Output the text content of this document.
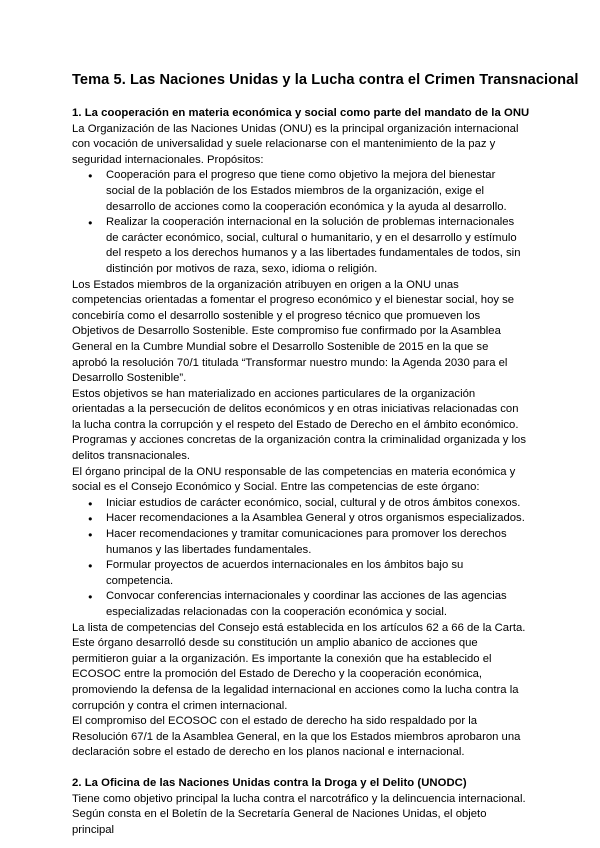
Tema 5. Las Naciones Unidas y la Lucha contra el Crimen Transnacional
1. La cooperación en materia económica y social como parte del mandato de la ONU

La Organización de las Naciones Unidas (ONU) es la principal organización internacional con vocación de universalidad y suele relacionarse con el mantenimiento de la paz y seguridad internacionales. Propósitos:

● Cooperación para el progreso que tiene como objetivo la mejora del bienestar social de la población de los Estados miembros de la organización, exige el desarrollo de acciones como la cooperación económica y la ayuda al desarrollo.
● Realizar la cooperación internacional en la solución de problemas internacionales de carácter económico, social, cultural o humanitario, y en el desarrollo y estímulo del respeto a los derechos humanos y a las libertades fundamentales de todos, sin distinción por motivos de raza, sexo, idioma o religión.

Los Estados miembros de la organización atribuyen en origen a la ONU unas competencias orientadas a fomentar el progreso económico y el bienestar social, hoy se concebiría como el desarrollo sostenible y el progreso técnico que promueven los Objetivos de Desarrollo Sostenible. Este compromiso fue confirmado por la Asamblea General en la Cumbre Mundial sobre el Desarrollo Sostenible de 2015 en la que se aprobó la resolución 70/1 titulada “Transformar nuestro mundo: la Agenda 2030 para el Desarrollo Sostenible”.

Estos objetivos se han materializado en acciones particulares de la organización orientadas a la persecución de delitos económicos y en otras iniciativas relacionadas con la lucha contra la corrupción y el respeto del Estado de Derecho en el ámbito económico. Programas y acciones concretas de la organización contra la criminalidad organizada y los delitos transnacionales.

El órgano principal de la ONU responsable de las competencias en materia económica y social es el Consejo Económico y Social. Entre las competencias de este órgano:

● Iniciar estudios de carácter económico, social, cultural y de otros ámbitos conexos.
● Hacer recomendaciones a la Asamblea General y otros organismos especializados.
● Hacer recomendaciones y tramitar comunicaciones para promover los derechos humanos y las libertades fundamentales.
● Formular proyectos de acuerdos internacionales en los ámbitos bajo su competencia.
● Convocar conferencias internacionales y coordinar las acciones de las agencias especializadas relacionadas con la cooperación económica y social.

La lista de competencias del Consejo está establecida en los artículos 62 a 66 de la Carta. Este órgano desarrolló desde su constitución un amplio abanico de acciones que permitieron guiar a la organización. Es importante la conexión que ha establecido el ECOSOC entre la promoción del Estado de Derecho y la cooperación económica, promoviendo la defensa de la legalidad internacional en acciones como la lucha contra la corrupción y contra el crimen internacional.

El compromiso del ECOSOC con el estado de derecho ha sido respaldado por la Resolución 67/1 de la Asamblea General, en la que los Estados miembros aprobaron una declaración sobre el estado de derecho en los planos nacional e internacional.

2. La Oficina de las Naciones Unidas contra la Droga y el Delito (UNODC)

Tiene como objetivo principal la lucha contra el narcotráfico y la delincuencia internacional. Según consta en el Boletín de la Secretaría General de Naciones Unidas, el objeto principal
